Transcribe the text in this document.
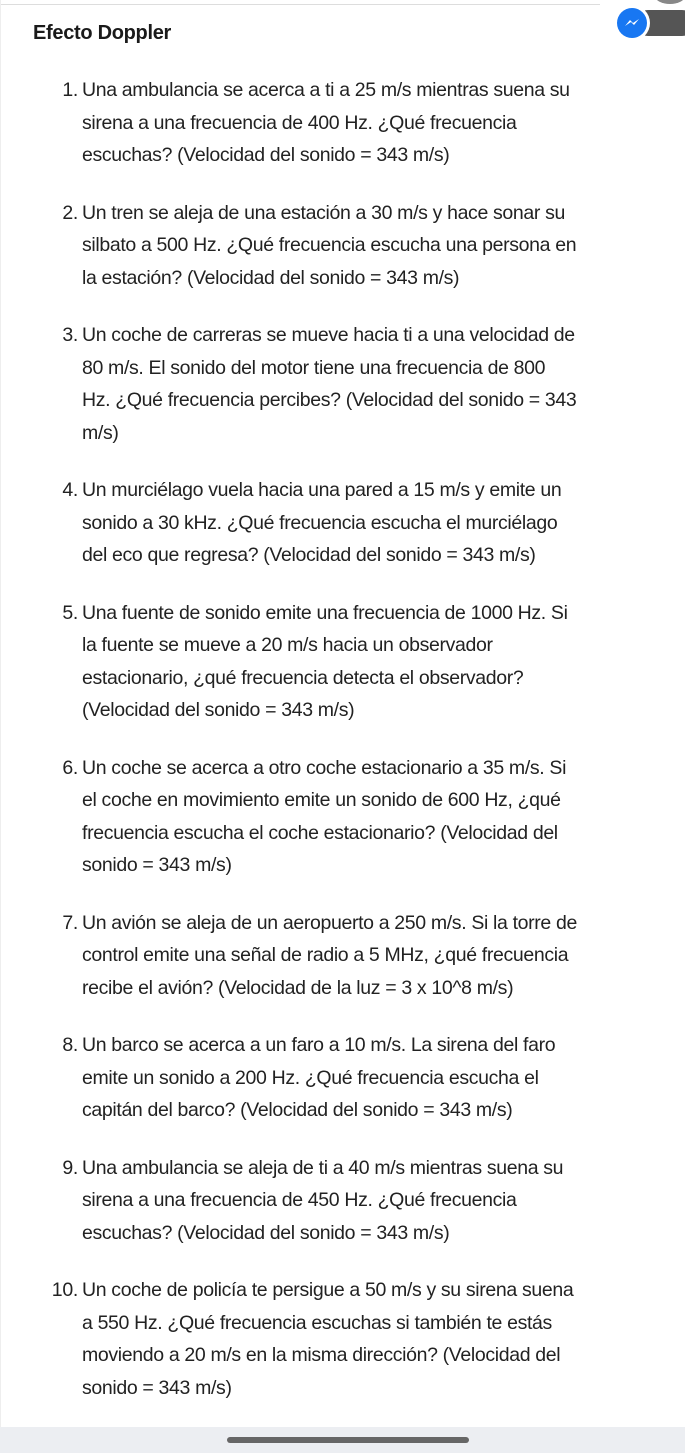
Efecto Doppler
1. Una ambulancia se acerca a ti a 25 m/s mientras suena su
sirena a una frecuencia de 400 Hz. ¿Qué frecuencia
escuchas? (Velocidad del sonido = 343 m/s)
2. Un tren se aleja de una estación a 30 m/s y hace sonar su
silbato a 500 Hz. ¿Qué frecuencia escucha una persona en
la estación? (Velocidad del sonido = 343 m/s)
3. Un coche de carreras se mueve hacia ti a una velocidad de
80 m/s. El sonido del motor tiene una frecuencia de 800
Hz. ¿Qué frecuencia percibes? (Velocidad del sonido = 343
m/s)
4. Un murciélago vuela hacia una pared a 15 m/s y emite un
sonido a 30 kHz. ¿Qué frecuencia escucha el murciélago
del eco que regresa? (Velocidad del sonido = 343 m/s)
5. Una fuente de sonido emite una frecuencia de 1000 Hz. Si
la fuente se mueve a 20 m/s hacia un observador
estacionario, ¿qué frecuencia detecta el observador?
(Velocidad del sonido = 343 m/s)
6. Un coche se acerca a otro coche estacionario a 35 m/s. Si
el coche en movimiento emite un sonido de 600 Hz, ¿qué
frecuencia escucha el coche estacionario? (Velocidad del
sonido = 343 m/s)
7. Un avión se aleja de un aeropuerto a 250 m/s. Si la torre de
control emite una señal de radio a 5 MHz, ¿qué frecuencia
recibe el avión? (Velocidad de la luz = 3 x 10^8 m/s)
8. Un barco se acerca a un faro a 10 m/s. La sirena del faro
emite un sonido a 200 Hz. ¿Qué frecuencia escucha el
capitán del barco? (Velocidad del sonido = 343 m/s)
9. Una ambulancia se aleja de ti a 40 m/s mientras suena su
sirena a una frecuencia de 450 Hz. ¿Qué frecuencia
escuchas? (Velocidad del sonido = 343 m/s)
10. Un coche de policía te persigue a 50 m/s y su sirena suena
a 550 Hz. ¿Qué frecuencia escuchas si también te estás
moviendo a 20 m/s en la misma dirección? (Velocidad del
sonido = 343 m/s)
